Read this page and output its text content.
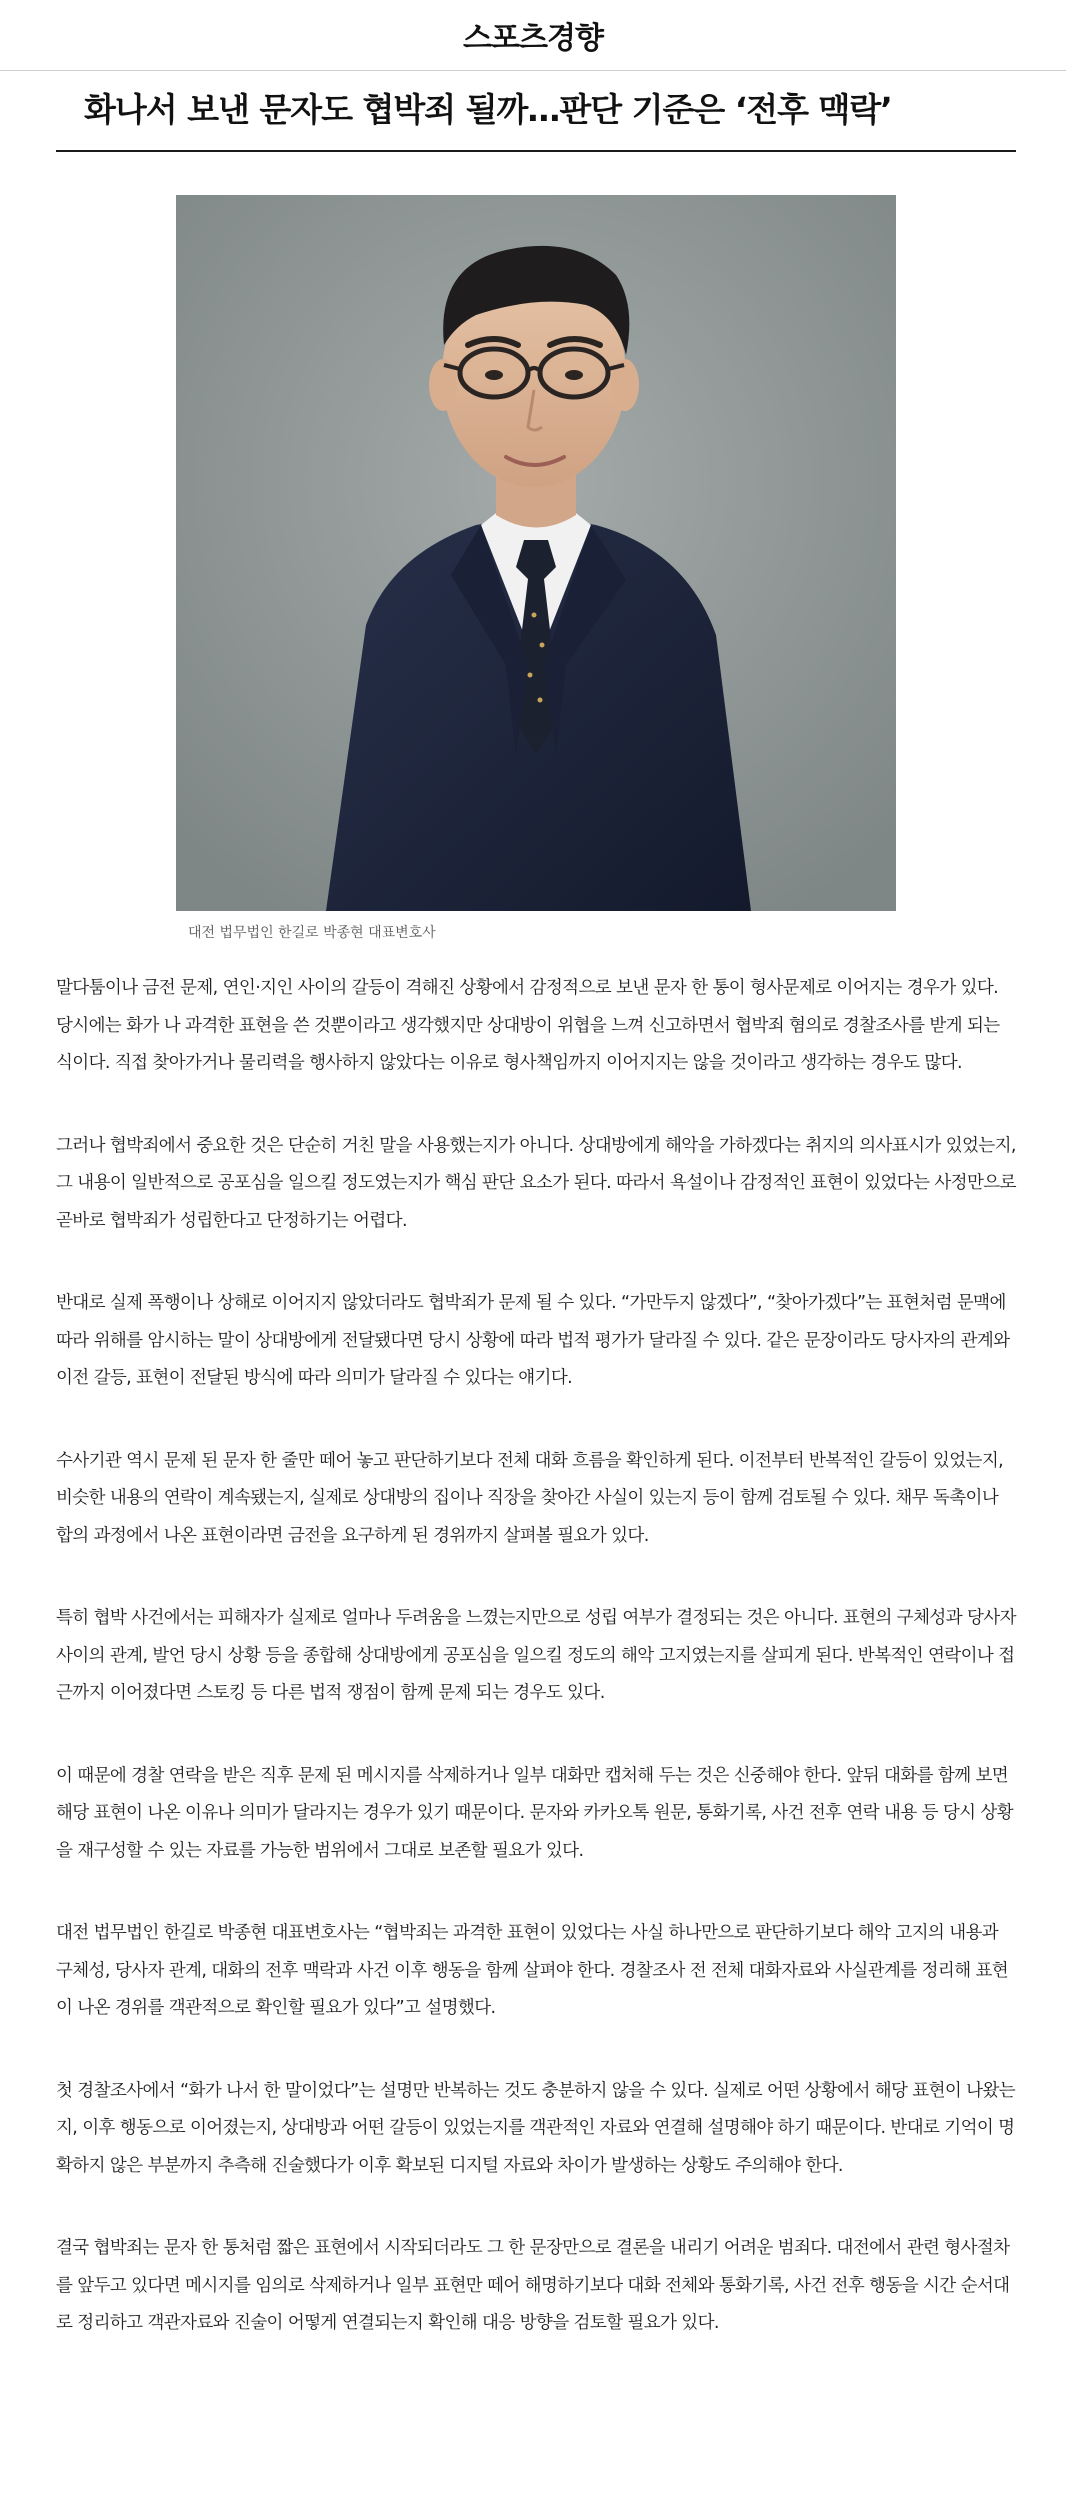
스포츠경향
화나서 보낸 문자도 협박죄 될까…판단 기준은 ‘전후 맥락’
대전 법무법인 한길로 박종현 대표변호사

말다툼이나 금전 문제, 연인·지인 사이의 갈등이 격해진 상황에서 감정적으로 보낸 문자 한 통이 형사문제로 이어지는 경우가 있다. 당시에는 화가 나 과격한 표현을 쓴 것뿐이라고 생각했지만 상대방이 위협을 느껴 신고하면서 협박죄 혐의로 경찰조사를 받게 되는 식이다. 직접 찾아가거나 물리력을 행사하지 않았다는 이유로 형사책임까지 이어지지는 않을 것이라고 생각하는 경우도 많다.

그러나 협박죄에서 중요한 것은 단순히 거친 말을 사용했는지가 아니다. 상대방에게 해악을 가하겠다는 취지의 의사표시가 있었는지, 그 내용이 일반적으로 공포심을 일으킬 정도였는지가 핵심 판단 요소가 된다. 따라서 욕설이나 감정적인 표현이 있었다는 사정만으로 곧바로 협박죄가 성립한다고 단정하기는 어렵다.

반대로 실제 폭행이나 상해로 이어지지 않았더라도 협박죄가 문제 될 수 있다. “가만두지 않겠다”, “찾아가겠다”는 표현처럼 문맥에 따라 위해를 암시하는 말이 상대방에게 전달됐다면 당시 상황에 따라 법적 평가가 달라질 수 있다. 같은 문장이라도 당사자의 관계와 이전 갈등, 표현이 전달된 방식에 따라 의미가 달라질 수 있다는 얘기다.

수사기관 역시 문제 된 문자 한 줄만 떼어 놓고 판단하기보다 전체 대화 흐름을 확인하게 된다. 이전부터 반복적인 갈등이 있었는지, 비슷한 내용의 연락이 계속됐는지, 실제로 상대방의 집이나 직장을 찾아간 사실이 있는지 등이 함께 검토될 수 있다. 채무 독촉이나 합의 과정에서 나온 표현이라면 금전을 요구하게 된 경위까지 살펴볼 필요가 있다.

특히 협박 사건에서는 피해자가 실제로 얼마나 두려움을 느꼈는지만으로 성립 여부가 결정되는 것은 아니다. 표현의 구체성과 당사자 사이의 관계, 발언 당시 상황 등을 종합해 상대방에게 공포심을 일으킬 정도의 해악 고지였는지를 살피게 된다. 반복적인 연락이나 접근까지 이어졌다면 스토킹 등 다른 법적 쟁점이 함께 문제 되는 경우도 있다.

이 때문에 경찰 연락을 받은 직후 문제 된 메시지를 삭제하거나 일부 대화만 캡처해 두는 것은 신중해야 한다. 앞뒤 대화를 함께 보면 해당 표현이 나온 이유나 의미가 달라지는 경우가 있기 때문이다. 문자와 카카오톡 원문, 통화기록, 사건 전후 연락 내용 등 당시 상황을 재구성할 수 있는 자료를 가능한 범위에서 그대로 보존할 필요가 있다.

대전 법무법인 한길로 박종현 대표변호사는 “협박죄는 과격한 표현이 있었다는 사실 하나만으로 판단하기보다 해악 고지의 내용과 구체성, 당사자 관계, 대화의 전후 맥락과 사건 이후 행동을 함께 살펴야 한다. 경찰조사 전 전체 대화자료와 사실관계를 정리해 표현이 나온 경위를 객관적으로 확인할 필요가 있다”고 설명했다.

첫 경찰조사에서 “화가 나서 한 말이었다”는 설명만 반복하는 것도 충분하지 않을 수 있다. 실제로 어떤 상황에서 해당 표현이 나왔는지, 이후 행동으로 이어졌는지, 상대방과 어떤 갈등이 있었는지를 객관적인 자료와 연결해 설명해야 하기 때문이다. 반대로 기억이 명확하지 않은 부분까지 추측해 진술했다가 이후 확보된 디지털 자료와 차이가 발생하는 상황도 주의해야 한다.

결국 협박죄는 문자 한 통처럼 짧은 표현에서 시작되더라도 그 한 문장만으로 결론을 내리기 어려운 범죄다. 대전에서 관련 형사절차를 앞두고 있다면 메시지를 임의로 삭제하거나 일부 표현만 떼어 해명하기보다 대화 전체와 통화기록, 사건 전후 행동을 시간 순서대로 정리하고 객관자료와 진술이 어떻게 연결되는지 확인해 대응 방향을 검토할 필요가 있다.
